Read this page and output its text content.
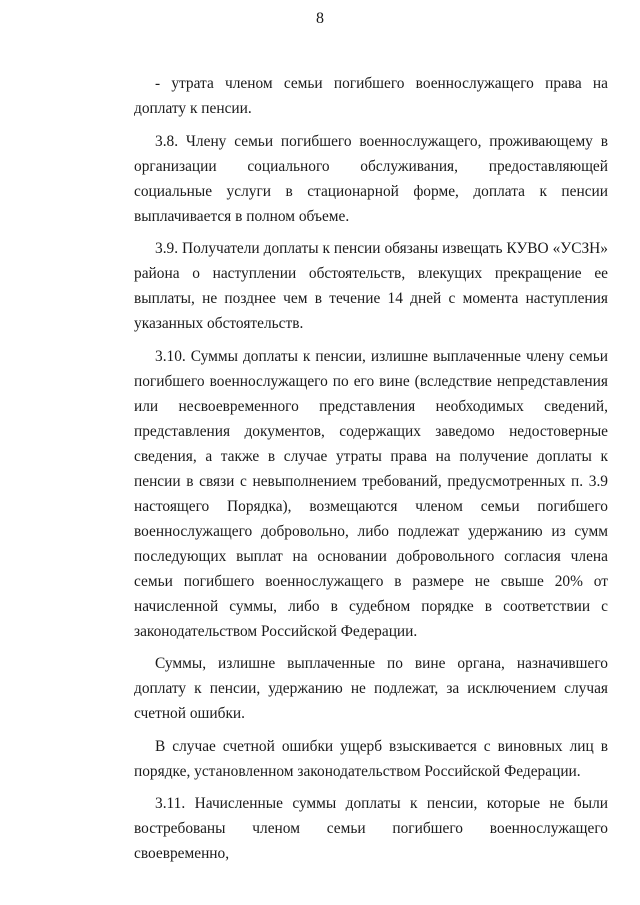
8

- утрата членом семьи погибшего военнослужащего права на доплату к пенсии.

3.8. Члену семьи погибшего военнослужащего, проживающему в организации социального обслуживания, предоставляющей социальные услуги в стационарной форме, доплата к пенсии выплачивается в полном объеме.

3.9. Получатели доплаты к пенсии обязаны извещать КУВО «УСЗН» района о наступлении обстоятельств, влекущих прекращение ее выплаты, не позднее чем в течение 14 дней с момента наступления указанных обстоятельств.

3.10. Суммы доплаты к пенсии, излишне выплаченные члену семьи погибшего военнослужащего по его вине (вследствие непредставления или несвоевременного представления необходимых сведений, представления документов, содержащих заведомо недостоверные сведения, а также в случае утраты права на получение доплаты к пенсии в связи с невыполнением требований, предусмотренных п. 3.9 настоящего Порядка), возмещаются членом семьи погибшего военнослужащего добровольно, либо подлежат удержанию из сумм последующих выплат на основании добровольного согласия члена семьи погибшего военнослужащего в размере не свыше 20% от начисленной суммы, либо в судебном порядке в соответствии с законодательством Российской Федерации.

Суммы, излишне выплаченные по вине органа, назначившего доплату к пенсии, удержанию не подлежат, за исключением случая счетной ошибки.

В случае счетной ошибки ущерб взыскивается с виновных лиц в порядке, установленном законодательством Российской Федерации.

3.11. Начисленные суммы доплаты к пенсии, которые не были востребованы членом семьи погибшего военнослужащего своевременно,
